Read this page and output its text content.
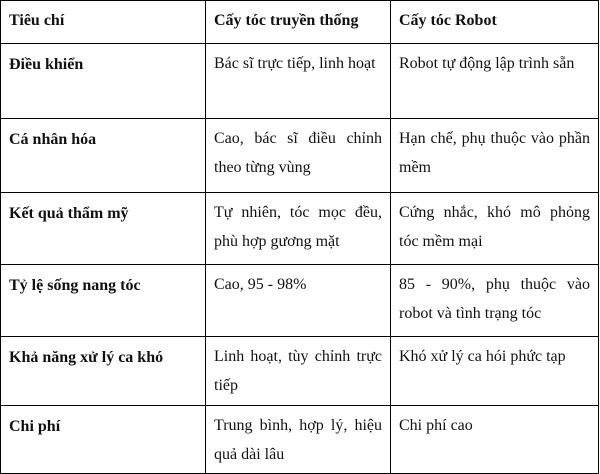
Tiêu chí	Cấy tóc truyền thống	Cấy tóc Robot
Điều khiển	Bác sĩ trực tiếp, linh hoạt	Robot tự động lập trình sẵn
Cá nhân hóa	Cao, bác sĩ điều chỉnh theo từng vùng	Hạn chế, phụ thuộc vào phần mềm
Kết quả thẩm mỹ	Tự nhiên, tóc mọc đều, phù hợp gương mặt	Cứng nhắc, khó mô phỏng tóc mềm mại
Tỷ lệ sống nang tóc	Cao, 95 - 98%	85 - 90%, phụ thuộc vào robot và tình trạng tóc
Khả năng xử lý ca khó	Linh hoạt, tùy chỉnh trực tiếp	Khó xử lý ca hói phức tạp
Chi phí	Trung bình, hợp lý, hiệu quả dài lâu	Chi phí cao
